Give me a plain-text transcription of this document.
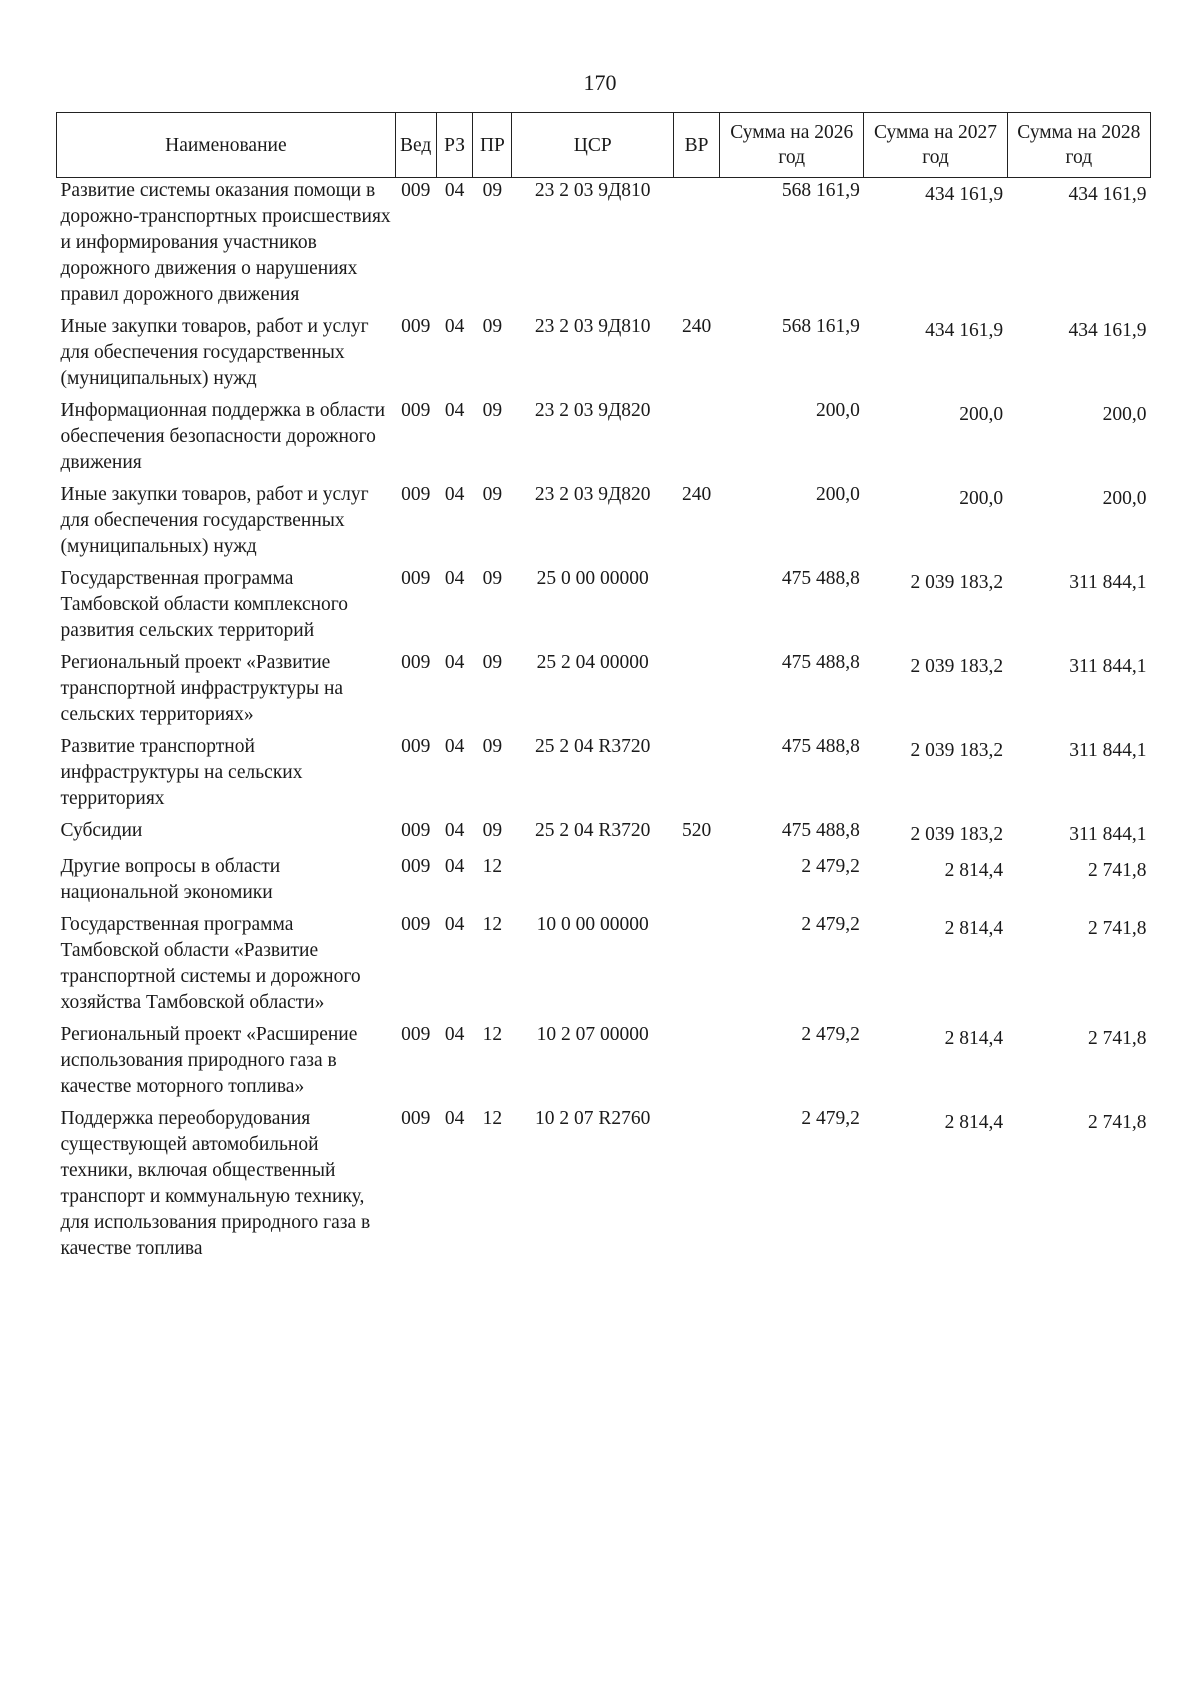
170
Наименование	Вед	РЗ	ПР	ЦСР	ВР	Сумма на 2026 год	Сумма на 2027 год	Сумма на 2028 год
Развитие системы оказания помощи в дорожно-транспортных происшествиях и информирования участников дорожного движения о нарушениях правил дорожного движения	009	04	09	23 2 03 9Д810		568 161,9	434 161,9	434 161,9
Иные закупки товаров, работ и услуг для обеспечения государственных (муниципальных) нужд	009	04	09	23 2 03 9Д810	240	568 161,9	434 161,9	434 161,9
Информационная поддержка в области обеспечения безопасности дорожного движения	009	04	09	23 2 03 9Д820		200,0	200,0	200,0
Иные закупки товаров, работ и услуг для обеспечения государственных (муниципальных) нужд	009	04	09	23 2 03 9Д820	240	200,0	200,0	200,0
Государственная программа Тамбовской области комплексного развития сельских территорий	009	04	09	25 0 00 00000		475 488,8	2 039 183,2	311 844,1
Региональный проект «Развитие транспортной инфраструктуры на сельских территориях»	009	04	09	25 2 04 00000		475 488,8	2 039 183,2	311 844,1
Развитие транспортной инфраструктуры на сельских территориях	009	04	09	25 2 04 R3720		475 488,8	2 039 183,2	311 844,1
Субсидии	009	04	09	25 2 04 R3720	520	475 488,8	2 039 183,2	311 844,1
Другие вопросы в области национальной экономики	009	04	12			2 479,2	2 814,4	2 741,8
Государственная программа Тамбовской области «Развитие транспортной системы и дорожного хозяйства Тамбовской области»	009	04	12	10 0 00 00000		2 479,2	2 814,4	2 741,8
Региональный проект «Расширение использования природного газа в качестве моторного топлива»	009	04	12	10 2 07 00000		2 479,2	2 814,4	2 741,8
Поддержка переоборудования существующей автомобильной техники, включая общественный транспорт и коммунальную технику, для использования природного газа в качестве топлива	009	04	12	10 2 07 R2760		2 479,2	2 814,4	2 741,8
